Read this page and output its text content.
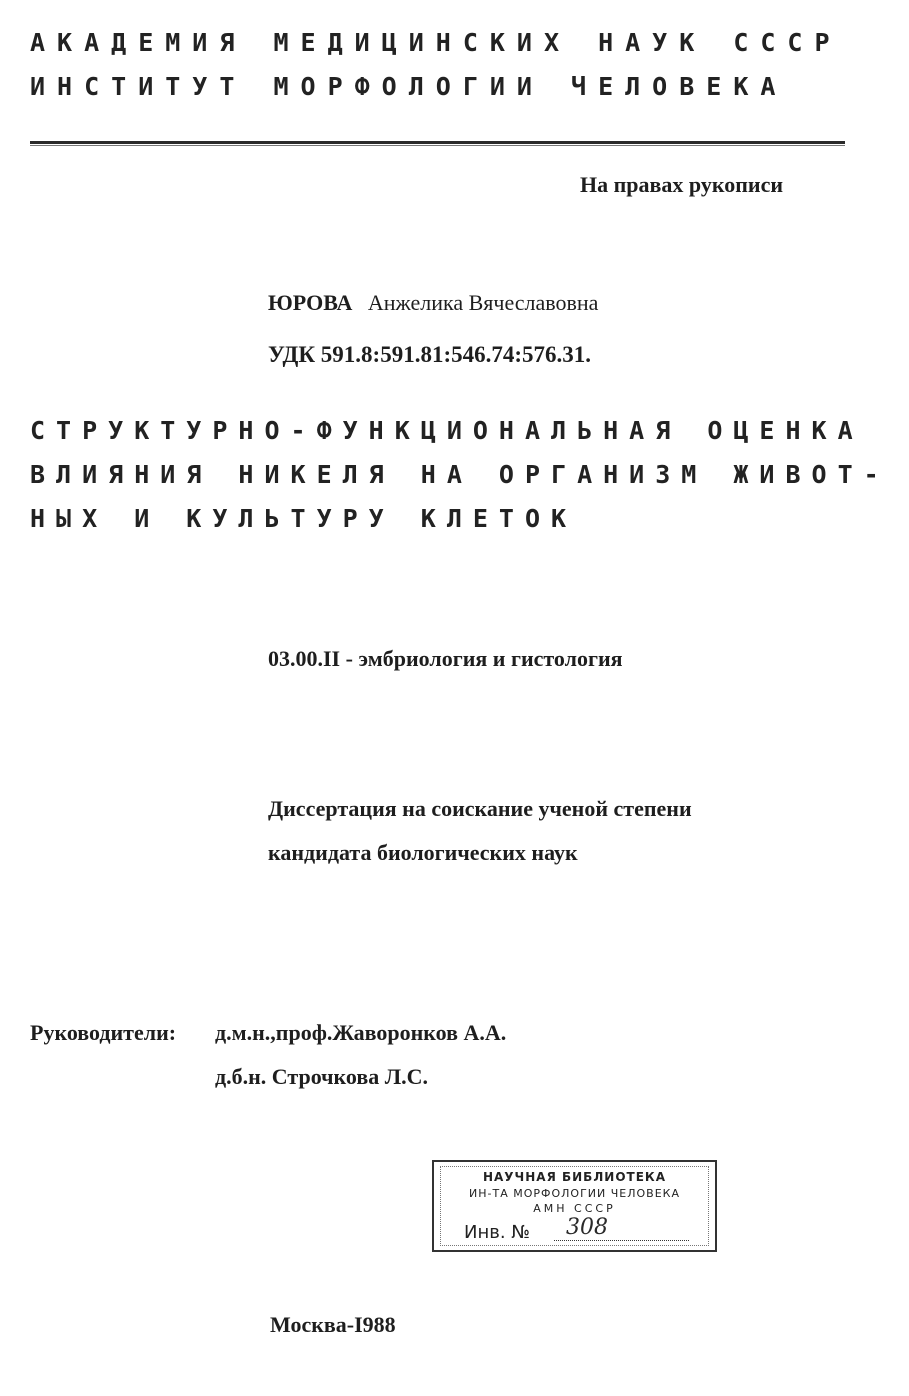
АКАДЕМИЯ МЕДИЦИНСКИХ НАУК СССР
ИНСТИТУТ МОРФОЛОГИИ ЧЕЛОВЕКА
На правах рукописи
ЮРОВА Анжелика Вячеславовна
УДК 591.8:591.81:546.74:576.31.
СТРУКТУРНО-ФУНКЦИОНАЛЬНАЯ ОЦЕНКА
ВЛИЯНИЯ НИКЕЛЯ НА ОРГАНИЗМ ЖИВОТ-
НЫХ И КУЛЬТУРУ КЛЕТОК
03.00.II - эмбриология и гистология
Диссертация на соискание ученой степени
кандидата биологических наук
Руководители: д.м.н.,проф.Жаворонков А.А.
д.б.н. Строчкова Л.С.
НАУЧНАЯ БИБЛИОТЕКА
ИН-ТА МОРФОЛОГИИ ЧЕЛОВЕКА
АМН СССР
Инв. №	308
Москва-I988
